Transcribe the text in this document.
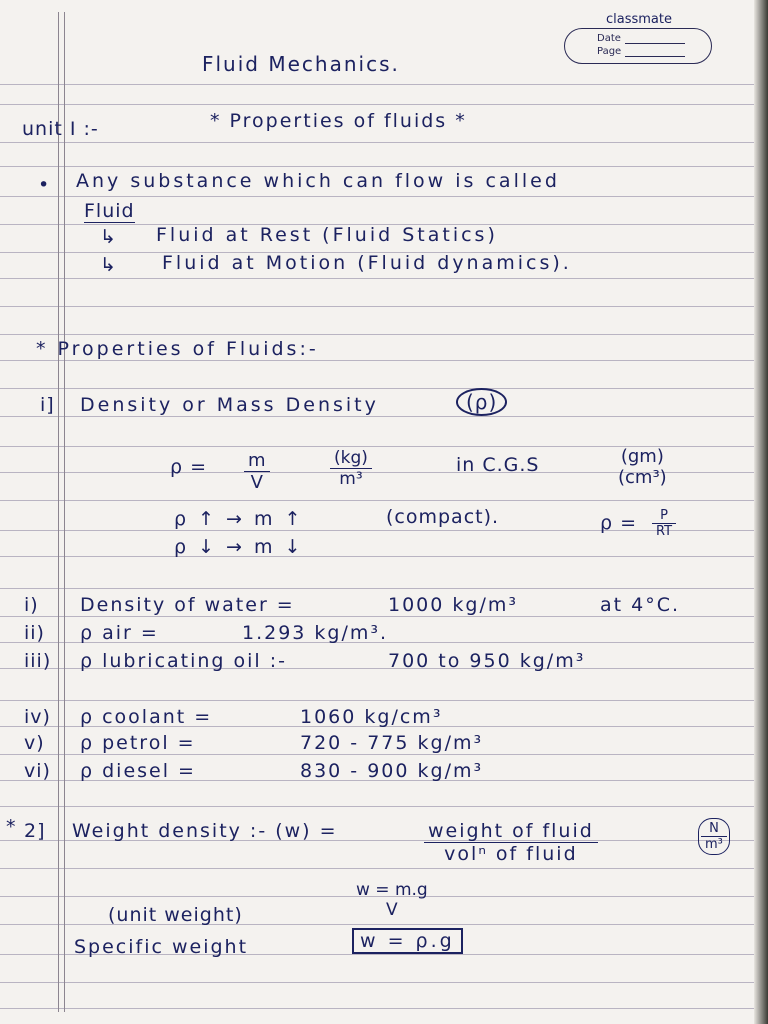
classmate
Date
Page
Fluid Mechanics.
unit I :-	* Properties of fluids *
• Any substance which can flow is called
Fluid
↳ Fluid at Rest (Fluid Statics)
↳ Fluid at Motion (Fluid dynamics).
* Properties of Fluids:-
i] Density or Mass Density	(ρ)
$\rho = \frac{m}{V}$	$\frac{(kg)}{\text{m³}}$	in C.G.S	(gm)
(cm³)
ρ ↑ → m ↑	(compact).	$\rho = \frac{P}{RT}$
ρ ↓ → m ↓
i) Density of water =	1000 kg/m³	at 4°C.
ii) ρ air =	1.293 kg/m³.
iii) ρ lubricating oil :-	700 to 950 kg/m³
iv) ρ coolant =	1060 kg/cm³
v) ρ petrol =	720 - 775 kg/m³
vi) ρ diesel =	830 - 900 kg/m³
* 2] Weight density :- (w) =	weight of fluid
volⁿ of fluid	$\frac{N}{\text{m³}}$
w = m.g
V
(unit weight)
Specific weight	w = ρ.g
